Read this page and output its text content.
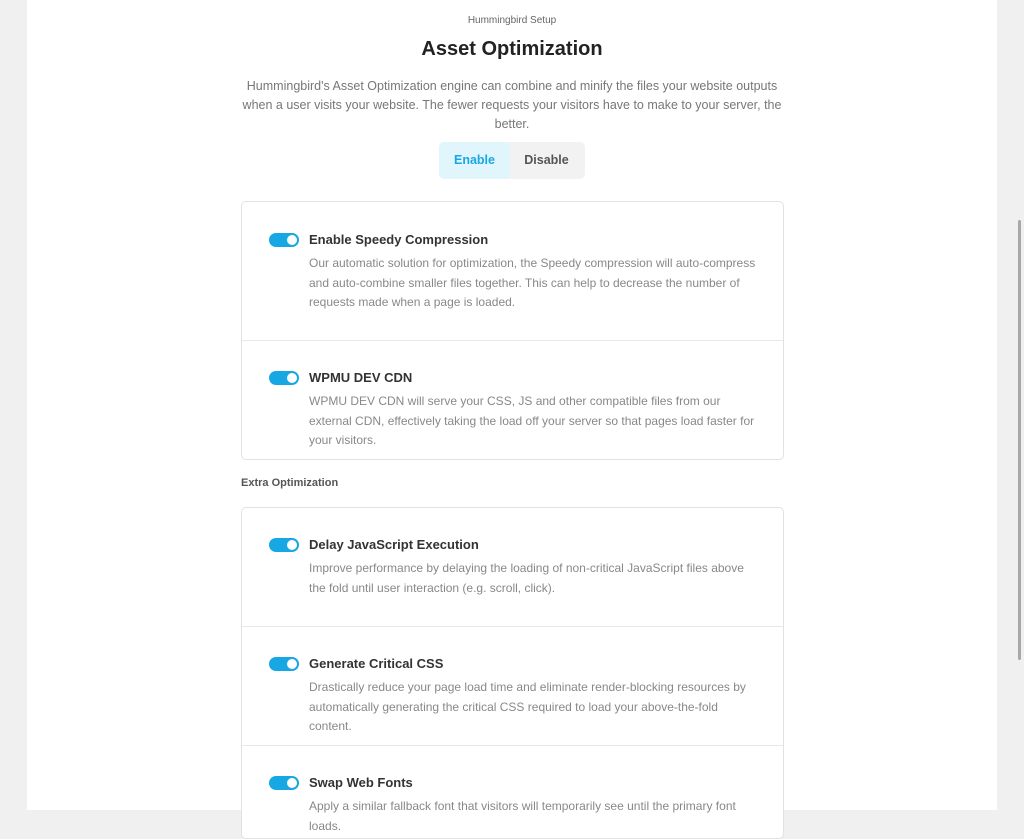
Hummingbird Setup
Asset Optimization
Hummingbird's Asset Optimization engine can combine and minify the files your website outputs when a user visits your website. The fewer requests your visitors have to make to your server, the better.
Enable	Disable
Enable Speedy Compression
Our automatic solution for optimization, the Speedy compression will auto-compress and auto-combine smaller files together. This can help to decrease the number of requests made when a page is loaded.
WPMU DEV CDN
WPMU DEV CDN will serve your CSS, JS and other compatible files from our external CDN, effectively taking the load off your server so that pages load faster for your visitors.
Extra Optimization
Delay JavaScript Execution
Improve performance by delaying the loading of non-critical JavaScript files above the fold until user interaction (e.g. scroll, click).
Generate Critical CSS
Drastically reduce your page load time and eliminate render-blocking resources by automatically generating the critical CSS required to load your above-the-fold content.
Swap Web Fonts
Apply a similar fallback font that visitors will temporarily see until the primary font loads.
